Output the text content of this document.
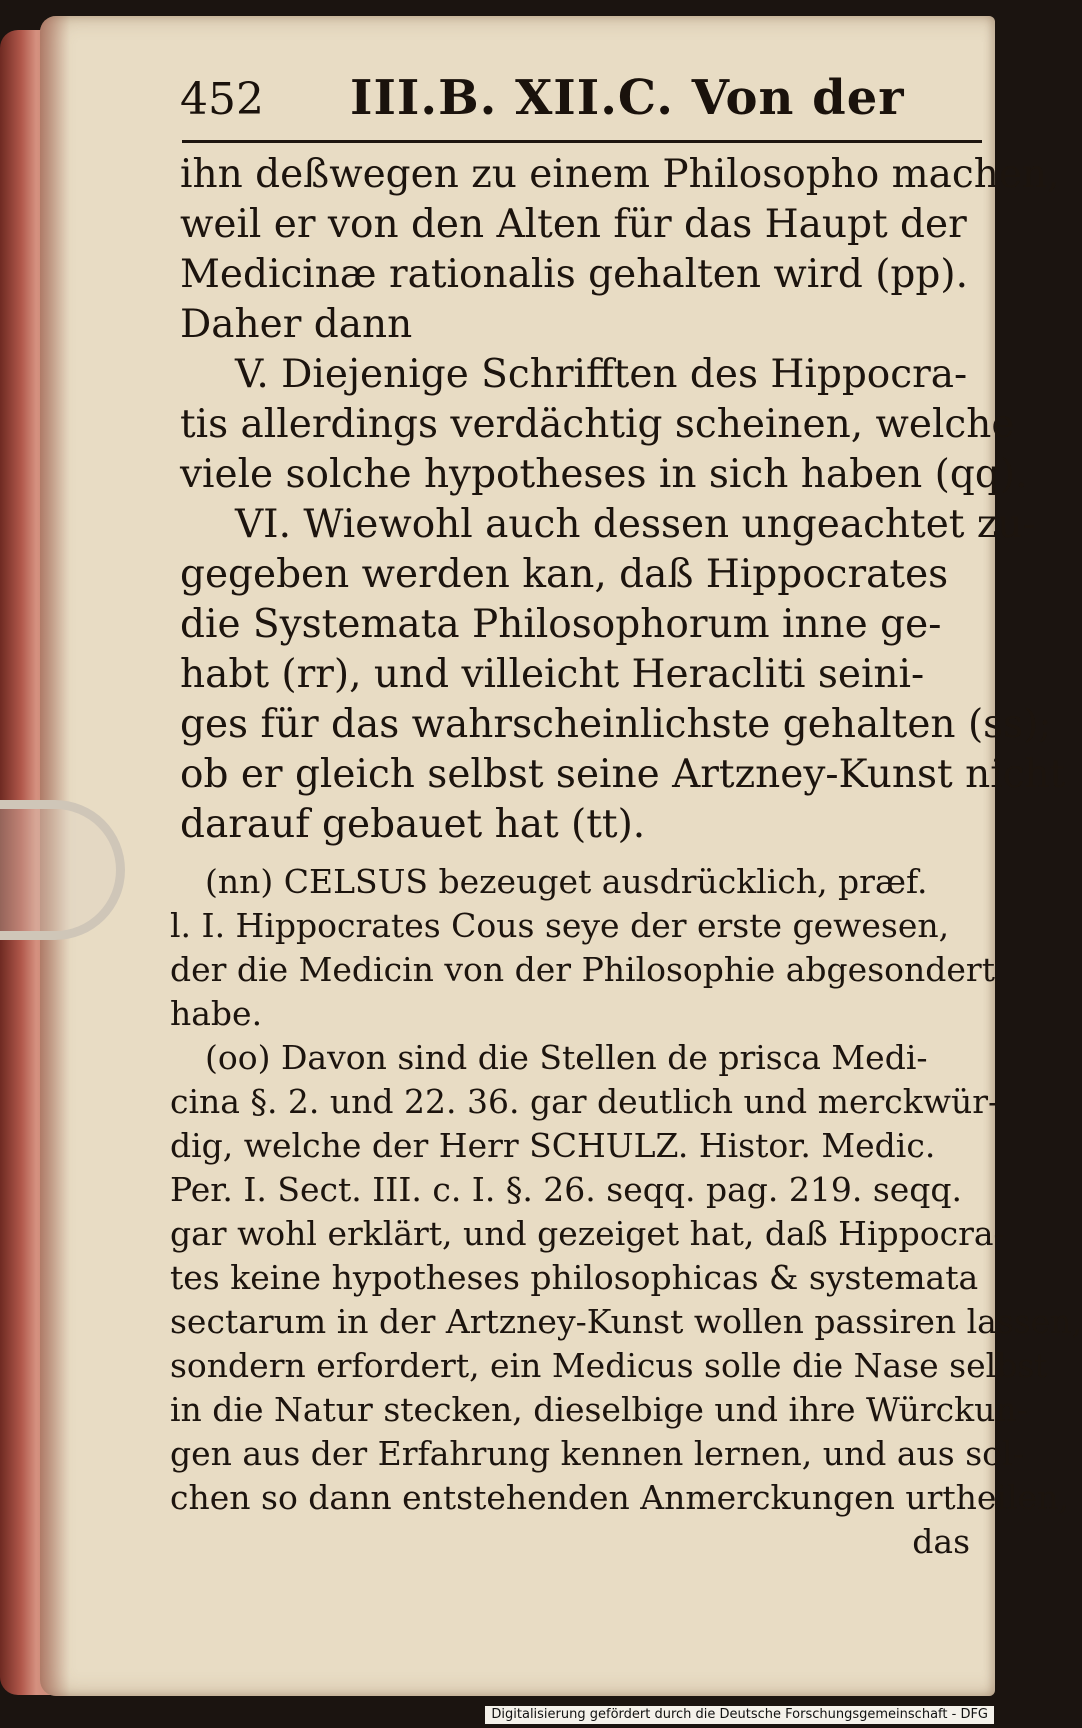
452 III.B. XII.C. Von der
ihn deßwegen zu einem Philosopho machen,
weil er von den Alten für das Haupt der
Medicinæ rationalis gehalten wird (pp).
Daher dann
V. Diejenige Schrifften des Hippocra-
tis allerdings verdächtig scheinen, welche
viele solche hypotheses in sich haben (qq).
VI. Wiewohl auch dessen ungeachtet zu-
gegeben werden kan, daß Hippocrates
die Systemata Philosophorum inne ge-
habt (rr), und villeicht Heracliti seini-
ges für das wahrscheinlichste gehalten (ss);
ob er gleich selbst seine Artzney-Kunst nicht
darauf gebauet hat (tt).
(nn) CELSUS bezeuget ausdrücklich, præf.
l. I. Hippocrates Cous seye der erste gewesen,
der die Medicin von der Philosophie abgesondert
habe.
(oo) Davon sind die Stellen de prisca Medi-
cina §. 2. und 22. 36. gar deutlich und merckwür-
dig, welche der Herr SCHULZ. Histor. Medic.
Per. I. Sect. III. c. I. §. 26. seqq. pag. 219. seqq.
gar wohl erklärt, und gezeiget hat, daß Hippocra-
tes keine hypotheses philosophicas & systemata
sectarum in der Artzney-Kunst wollen passiren lassen,
sondern erfordert, ein Medicus solle die Nase selbst
in die Natur stecken, dieselbige und ihre Würckun-
gen aus der Erfahrung kennen lernen, und aus sol-
chen so dann entstehenden Anmerckungen urtheilen,
das
Digitalisierung gefördert durch die Deutsche Forschungsgemeinschaft - DFG
